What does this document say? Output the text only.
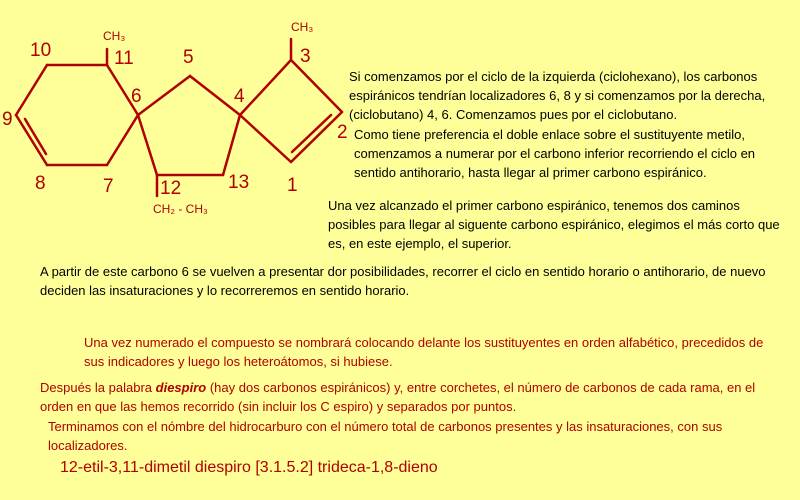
1
2
3
4
5
6
7
8
9
10	11
12 13
CH₃
CH₃
CH₂ - CH₃

Si comenzamos por el ciclo de la izquierda (ciclohexano), los carbonos espiránicos tendrían localizadores 6, 8 y si comenzamos por la derecha, (ciclobutano) 4, 6. Comenzamos pues por el ciclobutano.

Como tiene preferencia el doble enlace sobre el sustituyente metilo, comenzamos a numerar por el carbono inferior recorriendo el ciclo en sentido antihorario, hasta llegar al primer carbono espiránico.

Una vez alcanzado el primer carbono espiránico, tenemos dos caminos posibles para llegar al siguente carbono espiránico, elegimos el más corto que es, en este ejemplo, el superior.

A partir de este carbono 6 se vuelven a presentar dor posibilidades, recorrer el ciclo en sentido horario o antihorario, de nuevo deciden las insaturaciones y lo recorreremos en sentido horario.

Una vez numerado el compuesto se nombrará colocando delante los sustituyentes en orden alfabético, precedidos de sus indicadores y luego los heteroátomos, si hubiese.

Después la palabra diespiro (hay dos carbonos espiránicos) y, entre corchetes, el número de carbonos de cada rama, en el orden en que las hemos recorrido (sin incluir los C espiro) y separados por puntos.

Terminamos con el nómbre del hidrocarburo con el número total de carbonos presentes y las insaturaciones, con sus localizadores.

12-etil-3,11-dimetil diespiro [3.1.5.2] trideca-1,8-dieno
